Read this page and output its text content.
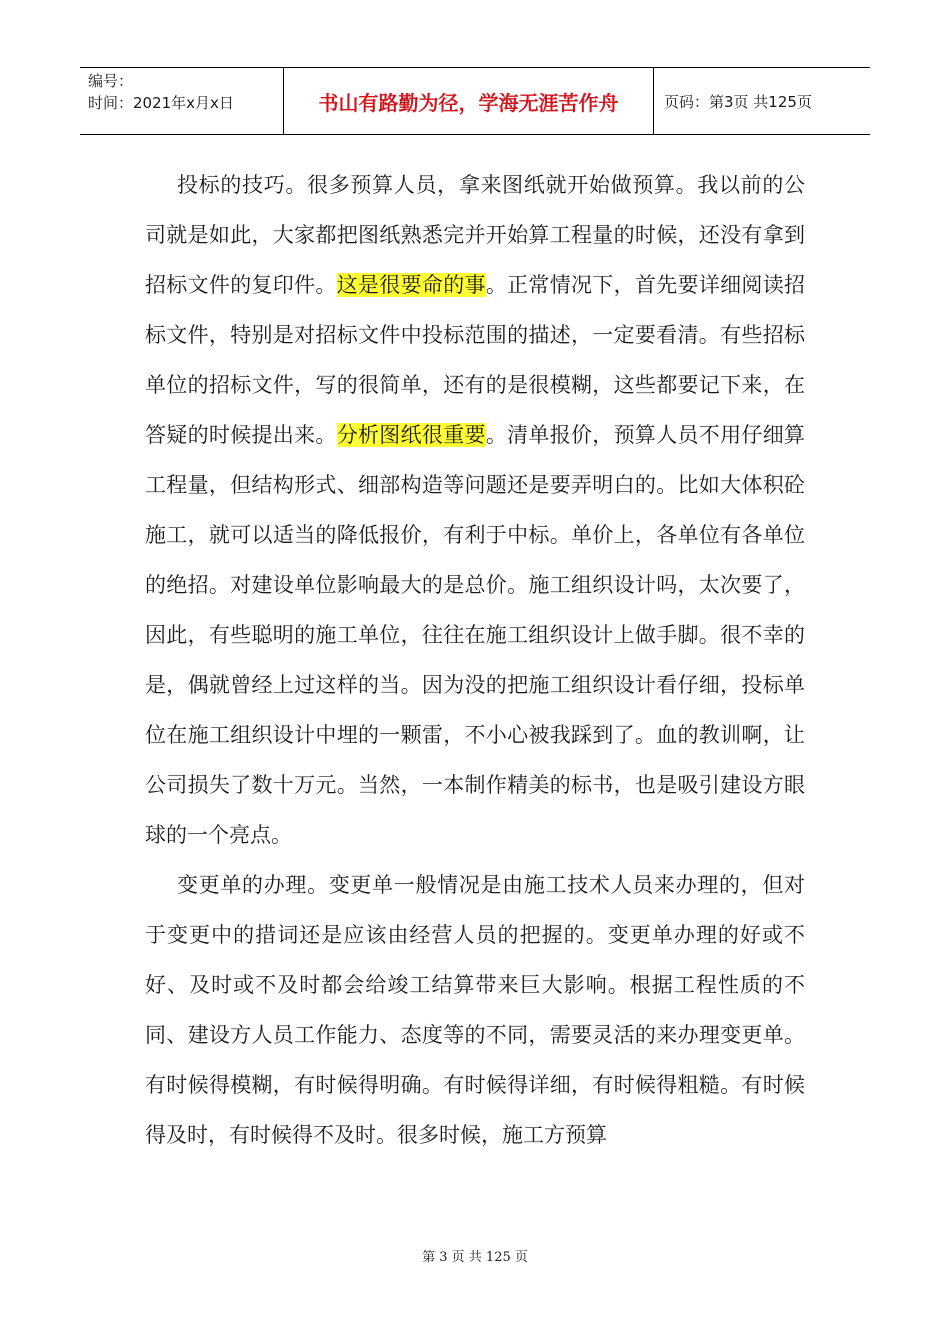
编号：
时间：2021年x月x日	书山有路勤为径，学海无涯苦作舟	页码：第3页 共125页

投标的技巧。很多预算人员，拿来图纸就开始做预算。我以前的公司就是如此，大家都把图纸熟悉完并开始算工程量的时候，还没有拿到招标文件的复印件。这是很要命的事。正常情况下，首先要详细阅读招标文件，特别是对招标文件中投标范围的描述，一定要看清。有些招标单位的招标文件，写的很简单，还有的是很模糊，这些都要记下来，在答疑的时候提出来。分析图纸很重要。清单报价，预算人员不用仔细算工程量，但结构形式、细部构造等问题还是要弄明白的。比如大体积砼施工，就可以适当的降低报价，有利于中标。单价上，各单位有各单位的绝招。对建设单位影响最大的是总价。施工组织设计吗，太次要了，因此，有些聪明的施工单位，往往在施工组织设计上做手脚。很不幸的是，偶就曾经上过这样的当。因为没的把施工组织设计看仔细，投标单位在施工组织设计中埋的一颗雷，不小心被我踩到了。血的教训啊，让公司损失了数十万元。当然，一本制作精美的标书，也是吸引建设方眼球的一个亮点。

变更单的办理。变更单一般情况是由施工技术人员来办理的，但对于变更中的措词还是应该由经营人员的把握的。变更单办理的好或不好、及时或不及时都会给竣工结算带来巨大影响。根据工程性质的不同、建设方人员工作能力、态度等的不同，需要灵活的来办理变更单。有时候得模糊，有时候得明确。有时候得详细，有时候得粗糙。有时候得及时，有时候得不及时。很多时候，施工方预算

第 3 页 共 125 页
